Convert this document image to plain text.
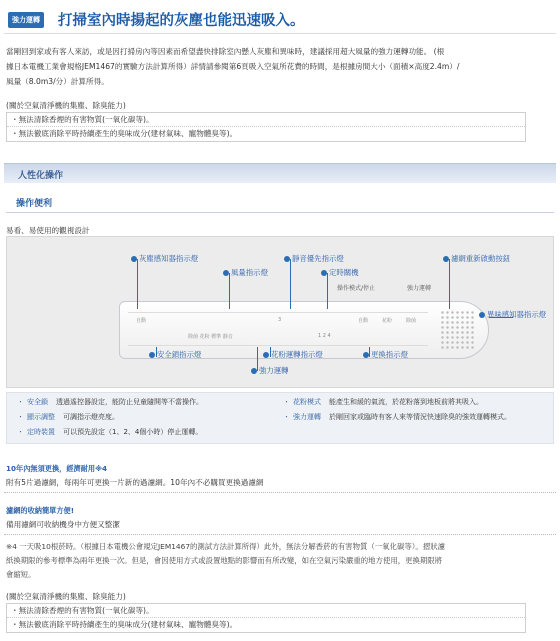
強力運轉 打掃室內時揚起的灰塵也能迅速吸入。
當剛回到家或有客人來訪，或是因打掃房內等因素而希望盡快排除室內懸人灰塵和異味時，建議採用超大風量的強力運轉功能。 (根
據日本電機工業會規格JEM1467的實驗方法計算所得）詳情請參閱第6頁吸入空氣所花費的時間，是根據房間大小（面積×高度2.4m）/
風量（8.0m3/分）計算所得。
(關於空氣清淨機的集塵、除臭能力)
・無法清除香煙的有害物質(一氧化碳等)。
・無法徹底消除平時持續產生的臭味成分(建材氣味、寵物體臭等)。
人性化操作
操作便利
易看、易使用的觀視設計
自動
除菌 花粉 標準 靜音
3
1 2 4
自動	花粉	除菌
操作模式/停止	強力運轉
灰塵感知器指示燈
風量指示燈
靜音優先指示燈
定時關機
濾網重新啟動按鈕
異味感知器指示燈
安全鎖指示燈	花粉運轉指示燈
強力運轉
更換指示燈
・ 安全鎖 透過遙控器設定，能防止兒童隨開等不當操作。
・ 顯示調整 可調指示燈亮度。
・ 定時裝置 可以預先設定（1、2、4個小時）停止運轉。
・ 花粉模式 能產生和緩的氣流，於花粉落到地板前將其吸入。
・ 強力運轉 於剛回家或臨時有客人來等情況快速除臭的強效運轉模式。
10年內無須更換，經濟耐用※4
附有5片過濾網，每兩年可更換一片新的過濾網。10年內不必購買更換過濾網
濾網的收納簡單方便!
備用濾網可收納機身中方便又整潔
※4 一天吸10根菸時。（根據日本電機公會規定JEM1467的測試方法計算所得）此外，無法分解香菸的有害物質（一氧化碳等）。摺狀濾
紙換期限的參考標準為兩年更換一次。但是，會因使用方式或設置地點的影響而有所改變，如在空氣污染嚴重的地方使用，更換期限將
會縮短。
(關於空氣清淨機的集塵、除臭能力)
・無法清除香煙的有害物質(一氧化碳等)。
・無法徹底消除平時持續產生的臭味成分(建材氣味、寵物體臭等)。
